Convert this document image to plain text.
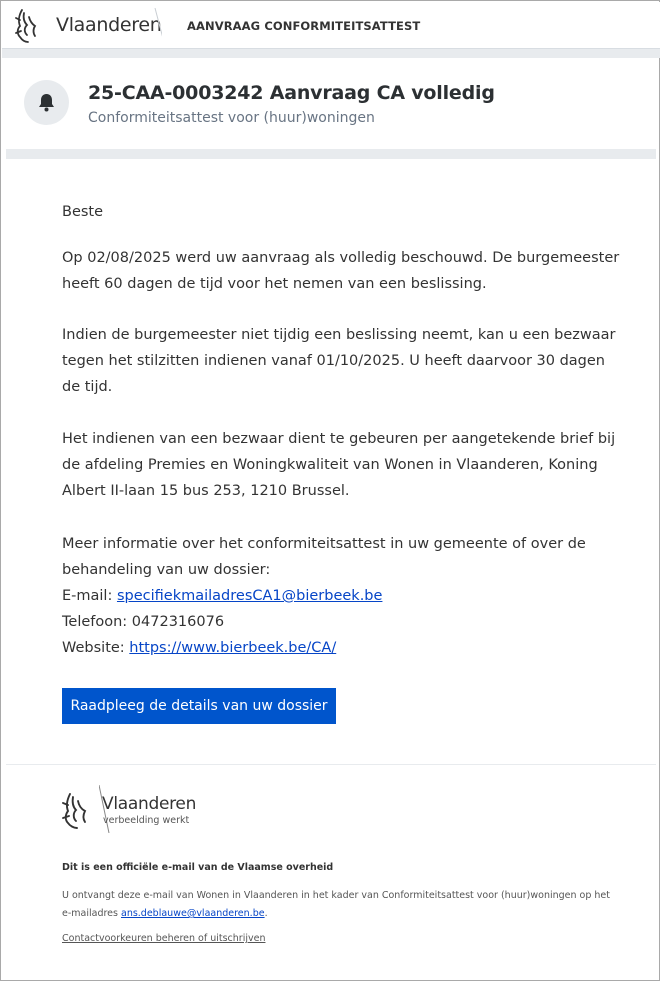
Vlaanderen AANVRAAG CONFORMITEITSATTEST
25-CAA-0003242 Aanvraag CA volledig
Conformiteitsattest voor (huur)woningen
Beste
Op 02/08/2025 werd uw aanvraag als volledig beschouwd. De burgemeester heeft 60 dagen de tijd voor het nemen van een beslissing.
Indien de burgemeester niet tijdig een beslissing neemt, kan u een bezwaar tegen het stilzitten indienen vanaf 01/10/2025. U heeft daarvoor 30 dagen de tijd.
Het indienen van een bezwaar dient te gebeuren per aangetekende brief bij de afdeling Premies en Woningkwaliteit van Wonen in Vlaanderen, Koning Albert II-laan 15 bus 253, 1210 Brussel.
Meer informatie over het conformiteitsattest in uw gemeente of over de behandeling van uw dossier:
E-mail: specifiekmailadresCA1@bierbeek.be
Telefoon: 0472316076
Website: https://www.bierbeek.be/CA/
Raadpleeg de details van uw dossier
Vlaanderen
verbeelding werkt
Dit is een officiële e-mail van de Vlaamse overheid
U ontvangt deze e-mail van Wonen in Vlaanderen in het kader van Conformiteitsattest voor (huur)woningen op het e-mailadres ans.deblauwe@vlaanderen.be.
Contactvoorkeuren beheren of uitschrijven
